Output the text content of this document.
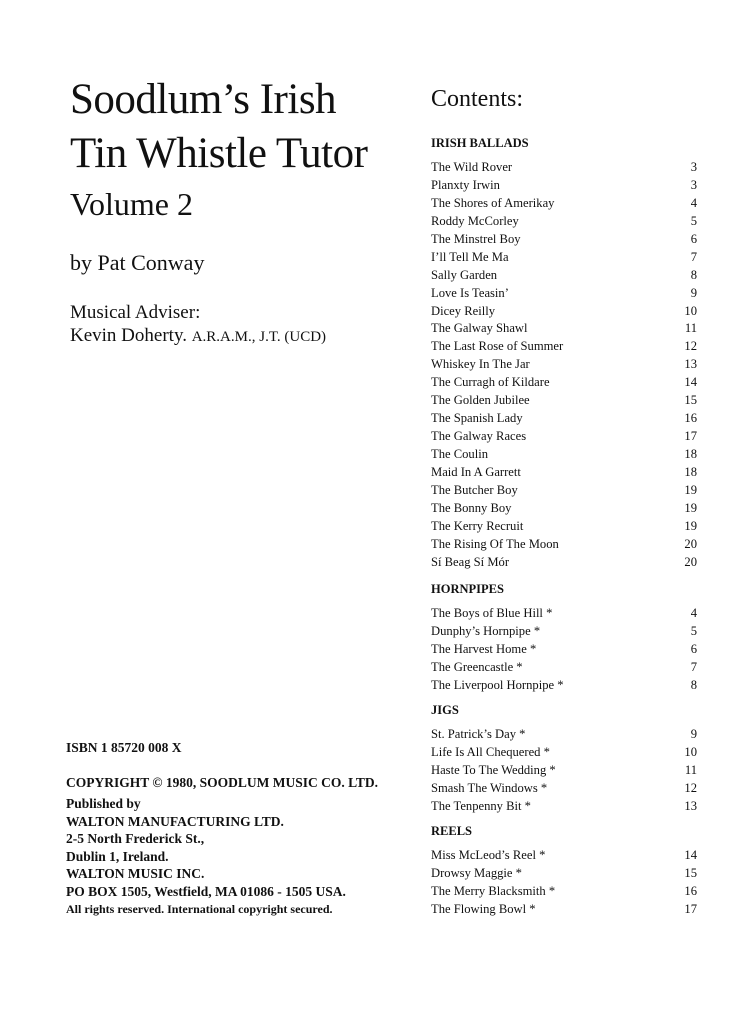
Soodlum’s Irish
Tin Whistle Tutor
Volume 2
by Pat Conway
Musical Adviser:
Kevin Doherty. A.R.A.M., J.T. (UCD)
ISBN 1 85720 008 X
COPYRIGHT © 1980, SOODLUM MUSIC CO. LTD.
Published by
WALTON MANUFACTURING LTD.
2-5 North Frederick St.,
Dublin 1, Ireland.
WALTON MUSIC INC.
PO BOX 1505, Westfield, MA 01086 - 1505 USA.
All rights reserved. International copyright secured.
Contents:
IRISH BALLADS
The Wild Rover	3
Planxty Irwin	3
The Shores of Amerikay	4
Roddy McCorley	5
The Minstrel Boy	6
I’ll Tell Me Ma	7
Sally Garden	8
Love Is Teasin’	9
Dicey Reilly	10
The Galway Shawl	11
The Last Rose of Summer	12
Whiskey In The Jar	13
The Curragh of Kildare	14
The Golden Jubilee	15
The Spanish Lady	16
The Galway Races	17
The Coulin	18
Maid In A Garrett	18
The Butcher Boy	19
The Bonny Boy	19
The Kerry Recruit	19
The Rising Of The Moon	20
Sí Beag Sí Mór	20
HORNPIPES
The Boys of Blue Hill *	4
Dunphy’s Hornpipe *	5
The Harvest Home *	6
The Greencastle *	7
The Liverpool Hornpipe *	8
JIGS
St. Patrick’s Day *	9
Life Is All Chequered *	10
Haste To The Wedding *	11
Smash The Windows *	12
The Tenpenny Bit *	13
REELS
Miss McLeod’s Reel *	14
Drowsy Maggie *	15
The Merry Blacksmith *	16
The Flowing Bowl *	17
